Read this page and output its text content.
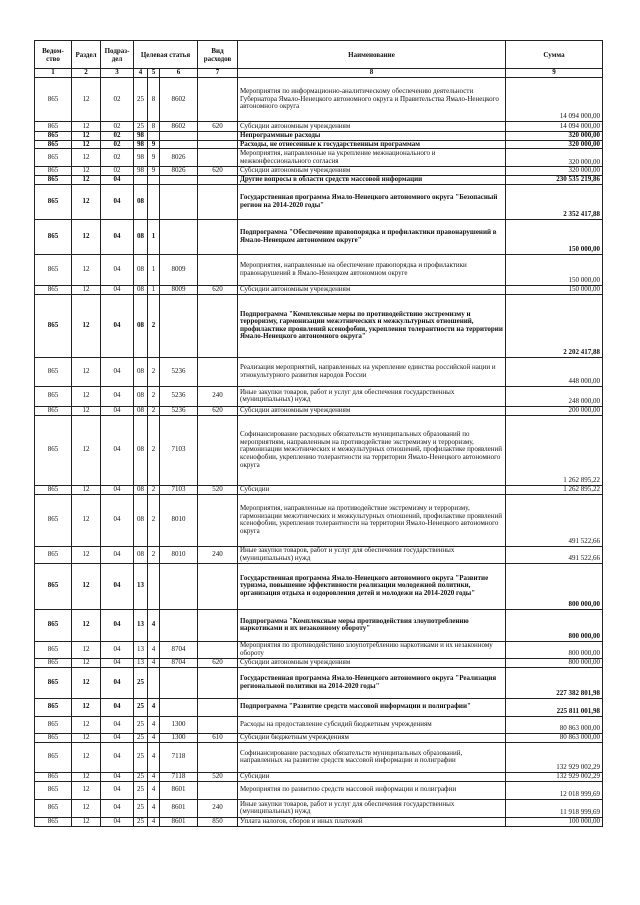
Ведом-ство	Раздел	Подраз-дел	Целевая статья			Вид расходов	Наименование	Сумма
1	2	3	4	5	6	7	8	9
865	12	02	25	8	8602		Мероприятия по информационно-аналитическому обеспечению деятельности Губернатора Ямало-Ненецкого автономного округа и Правительства Ямало-Ненецкого автономного округа	14 094 000,00
865	12	02	25	8	8602	620	Субсидии автономным учреждениям	14 094 000,00
865	12	02	98				Непрограммные расходы	320 000,00
865	12	02	98	9			Расходы, не отнесенные к государственным программам	320 000,00
865	12	02	98	9	8026		Мероприятия, направленные на укрепление межнационального и межконфессионального согласия	320 000,00
865	12	02	98	9	8026	620	Субсидии автономным учреждениям	320 000,00
865	12	04					Другие вопросы в области средств массовой информации	230 535 219,86
865	12	04	08				Государственная программа Ямало-Ненецкого автономного округа "Безопасный регион на 2014-2020 годы"	2 352 417,88
865	12	04	08	1			Подпрограмма "Обеспечение правопорядка и профилактики правонарушений в Ямало-Ненецком автономном округе"	150 000,00
865	12	04	08	1	8009		Мероприятия, направленные на обеспечение правопорядка и профилактики правонарушений в Ямало-Ненецком автономном округе	150 000,00
865	12	04	08	1	8009	620	Субсидии автономным учреждениям	150 000,00
865	12	04	08	2			Подпрограмма "Комплексные меры по противодействию экстремизму и терроризму, гармонизации межэтнических и межкультурных отношений, профилактике проявлений ксенофобии, укрепления толерантности на территории Ямало-Ненецкого автономного округа"	2 202 417,88
865	12	04	08	2	5236		Реализация мероприятий, направленных на укрепление единства российской нации и этнокультурного развития народов России	448 000,00
865	12	04	08	2	5236	240	Иные закупки товаров, работ и услуг для обеспечения государственных (муниципальных) нужд	248 000,00
865	12	04	08	2	5236	620	Субсидии автономным учреждениям	200 000,00
865	12	04	08	2	7103		Софинансирование расходных обязательств муниципальных образований по мероприятиям, направленным на противодействие экстремизму и терроризму, гармонизации межэтнических и межкультурных отношений, профилактике проявлений ксенофобии, укреплению толерантности на территории Ямало-Ненецкого автономного округа	1 262 895,22
865	12	04	08	2	7103	520	Субсидии	1 262 895,22
865	12	04	08	2	8010		Мероприятия, направленные на противодействие экстремизму и терроризму, гармонизации межэтнических и межкультурных отношений, профилактике проявлений ксенофобии, укрепления толерантности на территории Ямало-Ненецкого автономного округа	491 522,66
865	12	04	08	2	8010	240	Иные закупки товаров, работ и услуг для обеспечения государственных (муниципальных) нужд	491 522,66
865	12	04	13				Государственная программа Ямало-Ненецкого автономного округа "Развитие туризма, повышение эффективности реализации молодежной политики, организация отдыха и оздоровления детей и молодежи на 2014-2020 годы"	800 000,00
865	12	04	13	4			Подпрограмма "Комплексные меры противодействия злоупотреблению наркотиками и их незаконному обороту"	800 000,00
865	12	04	13	4	8704		Мероприятия по противодействию злоупотреблению наркотиками и их незаконному обороту	800 000,00
865	12	04	13	4	8704	620	Субсидии автономным учреждениям	800 000,00
865	12	04	25				Государственная программа Ямало-Ненецкого автономного округа "Реализация региональной политики на 2014-2020 годы"	227 382 801,98
865	12	04	25	4			Подпрограмма "Развитие средств массовой информации и полиграфии"	225 811 001,98
865	12	04	25	4	1300		Расходы на предоставление субсидий бюджетным учреждениям	80 863 000,00
865	12	04	25	4	1300	610	Субсидии бюджетным учреждениям	80 863 000,00
865	12	04	25	4	7118		Софинансирование расходных обязательств муниципальных образований, направленных на развитие средств массовой информации и полиграфии	132 929 002,29
865	12	04	25	4	7118	520	Субсидии	132 929 002,29
865	12	04	25	4	8601		Мероприятия по развитию средств массовой информации и полиграфии	12 018 999,69
865	12	04	25	4	8601	240	Иные закупки товаров, работ и услуг для обеспечения государственных (муниципальных) нужд	11 918 999,69
865	12	04	25	4	8601	850	Уплата налогов, сборов и иных платежей	100 000,00
